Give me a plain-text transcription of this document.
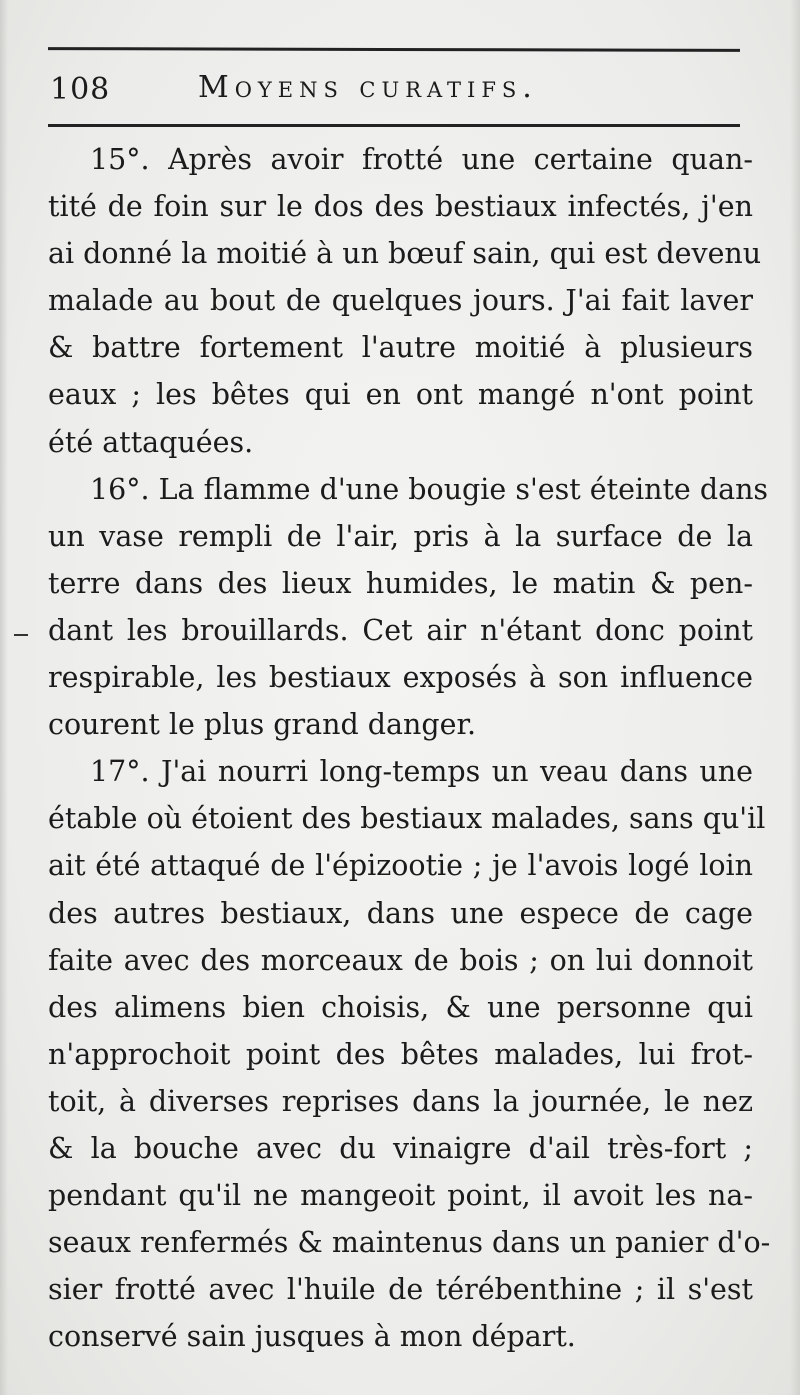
108	Moyens curatifs.
15°. Après avoir frotté une certaine quan-
tité de foin sur le dos des bestiaux infectés, j'en
ai donné la moitié à un bœuf sain, qui est devenu
malade au bout de quelques jours. J'ai fait laver
& battre fortement l'autre moitié à plusieurs
eaux ; les bêtes qui en ont mangé n'ont point
été attaquées.
16°. La flamme d'une bougie s'est éteinte dans
un vase rempli de l'air, pris à la surface de la
terre dans des lieux humides, le matin & pen-
dant les brouillards. Cet air n'étant donc point
respirable, les bestiaux exposés à son influence
courent le plus grand danger.
17°. J'ai nourri long-temps un veau dans une
étable où étoient des bestiaux malades, sans qu'il
ait été attaqué de l'épizootie ; je l'avois logé loin
des autres bestiaux, dans une espece de cage
faite avec des morceaux de bois ; on lui donnoit
des alimens bien choisis, & une personne qui
n'approchoit point des bêtes malades, lui frot-
toit, à diverses reprises dans la journée, le nez
& la bouche avec du vinaigre d'ail très-fort ;
pendant qu'il ne mangeoit point, il avoit les na-
seaux renfermés & maintenus dans un panier d'o-
sier frotté avec l'huile de térébenthine ; il s'est
conservé sain jusques à mon départ.
